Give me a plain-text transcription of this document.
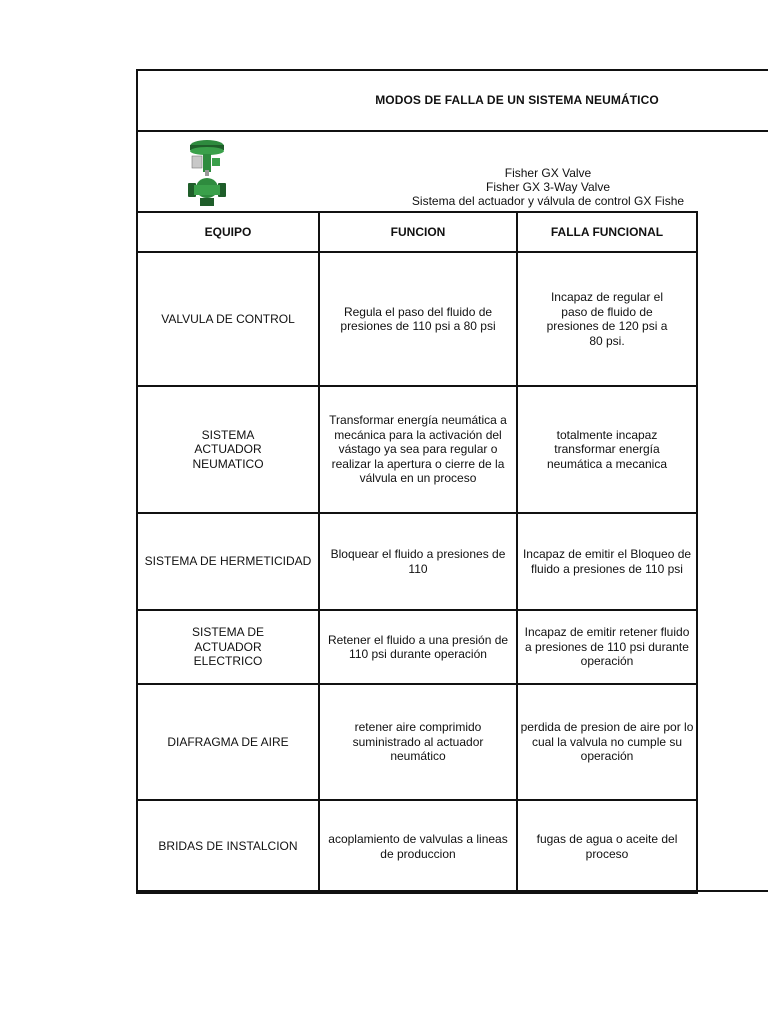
MODOS DE FALLA DE UN SISTEMA NEUMÁTICO
Fisher GX Valve
Fisher GX 3-Way Valve
Sistema del actuador y válvula de control GX Fishe
EQUIPO	FUNCION	FALLA FUNCIONAL
VALVULA DE CONTROL	Regula el paso del fluido de presiones de 110 psi a 80 psi	Incapaz de regular el paso de fluido de presiones de 120 psi a 80 psi.
SISTEMA ACTUADOR NEUMATICO	Transformar energía neumática a mecánica para la activación del vástago ya sea para regular o realizar la apertura o cierre de la válvula en un proceso	totalmente incapaz transformar energía neumática a mecanica
SISTEMA DE HERMETICIDAD	Bloquear el fluido a presiones de 110	Incapaz de emitir el Bloqueo de fluido a presiones de 110 psi
SISTEMA DE ACTUADOR ELECTRICO	Retener el fluido a una presión de 110 psi durante operación	Incapaz de emitir retener fluido a presiones de 110 psi durante operación
DIAFRAGMA DE AIRE	retener aire comprimido suministrado al actuador neumático	perdida de presion de aire por lo cual la valvula no cumple su operación
BRIDAS DE INSTALCION	acoplamiento de valvulas a lineas de produccion	fugas de agua o aceite del proceso
